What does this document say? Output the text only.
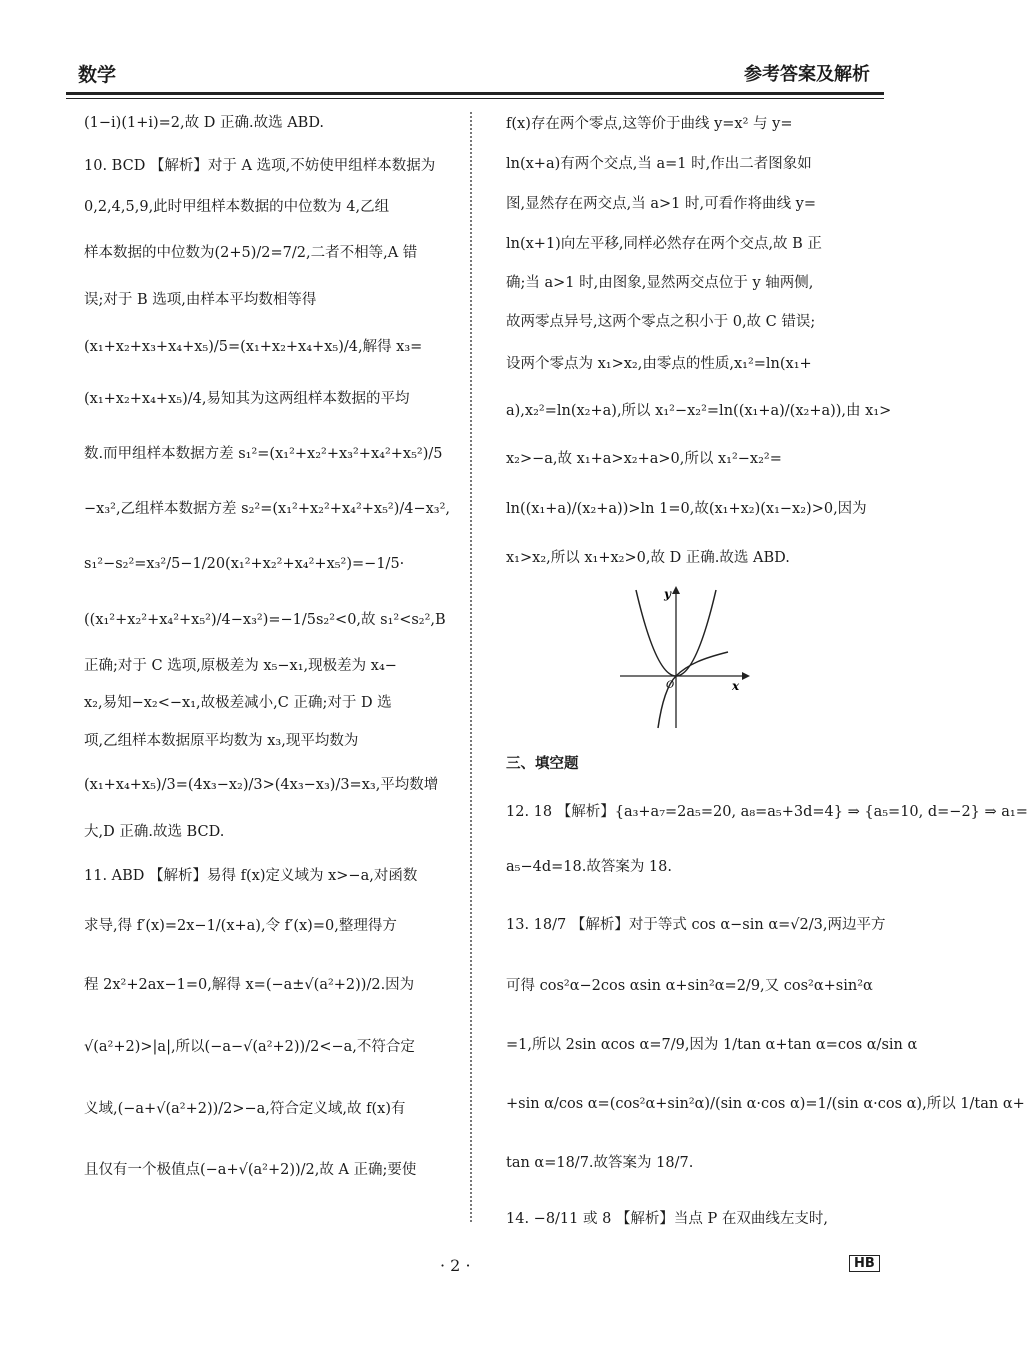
数学	参考答案及解析
(1−i)(1+i)=2,故 D 正确.故选 ABD.
10. BCD 【解析】对于 A 选项,不妨使甲组样本数据为
0,2,4,5,9,此时甲组样本数据的中位数为 4,乙组
样本数据的中位数为(2+5)/2=7/2,二者不相等,A 错
误;对于 B 选项,由样本平均数相等得
(x₁+x₂+x₃+x₄+x₅)/5=(x₁+x₂+x₄+x₅)/4,解得 x₃=
(x₁+x₂+x₄+x₅)/4,易知其为这两组样本数据的平均
数.而甲组样本数据方差 s₁²=(x₁²+x₂²+x₃²+x₄²+x₅²)/5
−x₃²,乙组样本数据方差 s₂²=(x₁²+x₂²+x₄²+x₅²)/4−x₃²,
s₁²−s₂²=x₃²/5−1/20(x₁²+x₂²+x₄²+x₅²)=−1/5·
((x₁²+x₂²+x₄²+x₅²)/4−x₃²)=−1/5s₂²<0,故 s₁²<s₂²,B
正确;对于 C 选项,原极差为 x₅−x₁,现极差为 x₄−
x₂,易知−x₂<−x₁,故极差减小,C 正确;对于 D 选
项,乙组样本数据原平均数为 x₃,现平均数为
(x₁+x₄+x₅)/3=(4x₃−x₂)/3>(4x₃−x₃)/3=x₃,平均数增
大,D 正确.故选 BCD.
11. ABD 【解析】易得 f(x)定义域为 x>−a,对函数
求导,得 f′(x)=2x−1/(x+a),令 f′(x)=0,整理得方
程 2x²+2ax−1=0,解得 x=(−a±√(a²+2))/2.因为
√(a²+2)>|a|,所以(−a−√(a²+2))/2<−a,不符合定
义域,(−a+√(a²+2))/2>−a,符合定义域,故 f(x)有
且仅有一个极值点(−a+√(a²+2))/2,故 A 正确;要使
f(x)存在两个零点,这等价于曲线 y=x² 与 y=
ln(x+a)有两个交点,当 a=1 时,作出二者图象如
图,显然存在两交点,当 a>1 时,可看作将曲线 y=
ln(x+1)向左平移,同样必然存在两个交点,故 B 正
确;当 a>1 时,由图象,显然两交点位于 y 轴两侧,
故两零点异号,这两个零点之积小于 0,故 C 错误;
设两个零点为 x₁>x₂,由零点的性质,x₁²=ln(x₁+
a),x₂²=ln(x₂+a),所以 x₁²−x₂²=ln((x₁+a)/(x₂+a)),由 x₁>
x₂>−a,故 x₁+a>x₂+a>0,所以 x₁²−x₂²=
ln((x₁+a)/(x₂+a))>ln 1=0,故(x₁+x₂)(x₁−x₂)>0,因为
x₁>x₂,所以 x₁+x₂>0,故 D 正确.故选 ABD.
三、填空题
12. 18 【解析】{a₃+a₇=2a₅=20, a₈=a₅+3d=4} ⇒ {a₅=10, d=−2} ⇒ a₁=
a₅−4d=18.故答案为 18.
13. 18/7 【解析】对于等式 cos α−sin α=√2/3,两边平方
可得 cos²α−2cos αsin α+sin²α=2/9,又 cos²α+sin²α
=1,所以 2sin αcos α=7/9,因为 1/tan α+tan α=cos α/sin α
+sin α/cos α=(cos²α+sin²α)/(sin α·cos α)=1/(sin α·cos α),所以 1/tan α+
tan α=18/7.故答案为 18/7.
14. −8/11 或 8 【解析】当点 P 在双曲线左支时,
y
x
O
· 2 ·	HB
